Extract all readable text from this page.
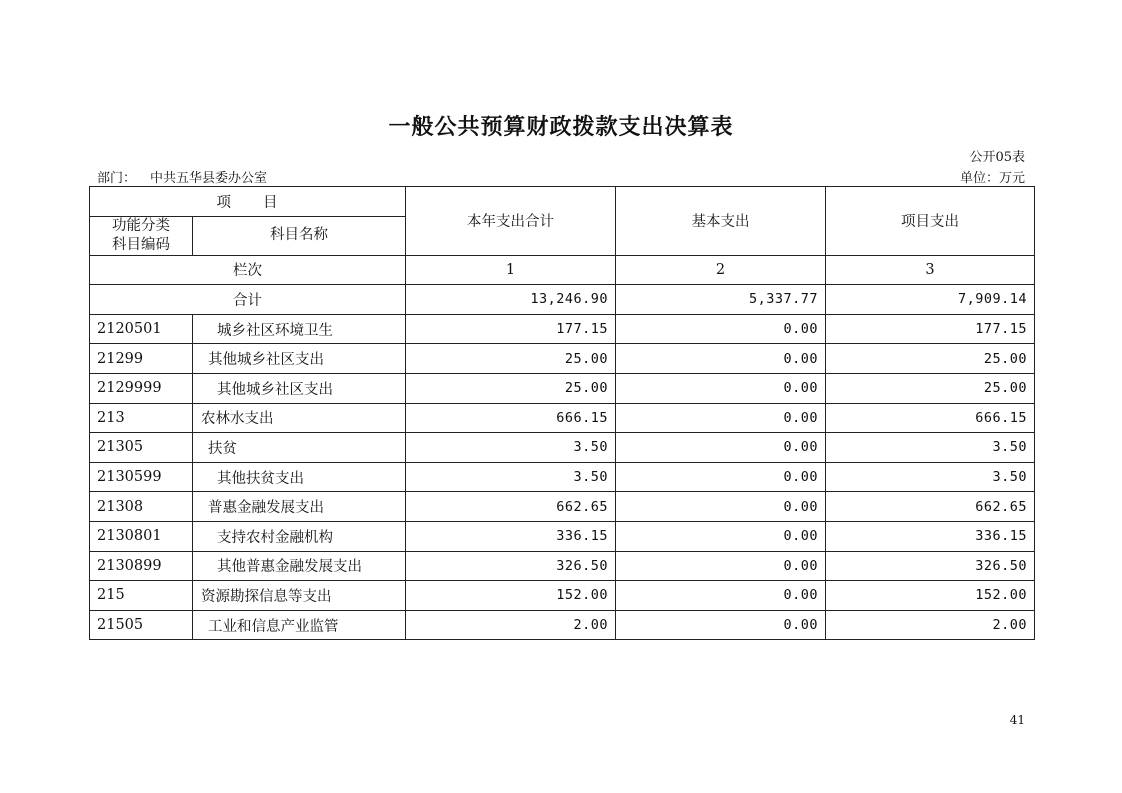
一般公共预算财政拨款支出决算表
公开05表
部门： 中共五华县委办公室	单位：万元
项　　目		本年支出合计	基本支出	项目支出
功能分类
科目编码	科目名称			
栏次		1	2	3
合计		13,246.90	5,337.77	7,909.14
2120501	城乡社区环境卫生	177.15	0.00	177.15
21299	其他城乡社区支出	25.00	0.00	25.00
2129999	其他城乡社区支出	25.00	0.00	25.00
213	农林水支出	666.15	0.00	666.15
21305	扶贫	3.50	0.00	3.50
2130599	其他扶贫支出	3.50	0.00	3.50
21308	普惠金融发展支出	662.65	0.00	662.65
2130801	支持农村金融机构	336.15	0.00	336.15
2130899	其他普惠金融发展支出	326.50	0.00	326.50
215	资源勘探信息等支出	152.00	0.00	152.00
21505	工业和信息产业监管	2.00	0.00	2.00
41
